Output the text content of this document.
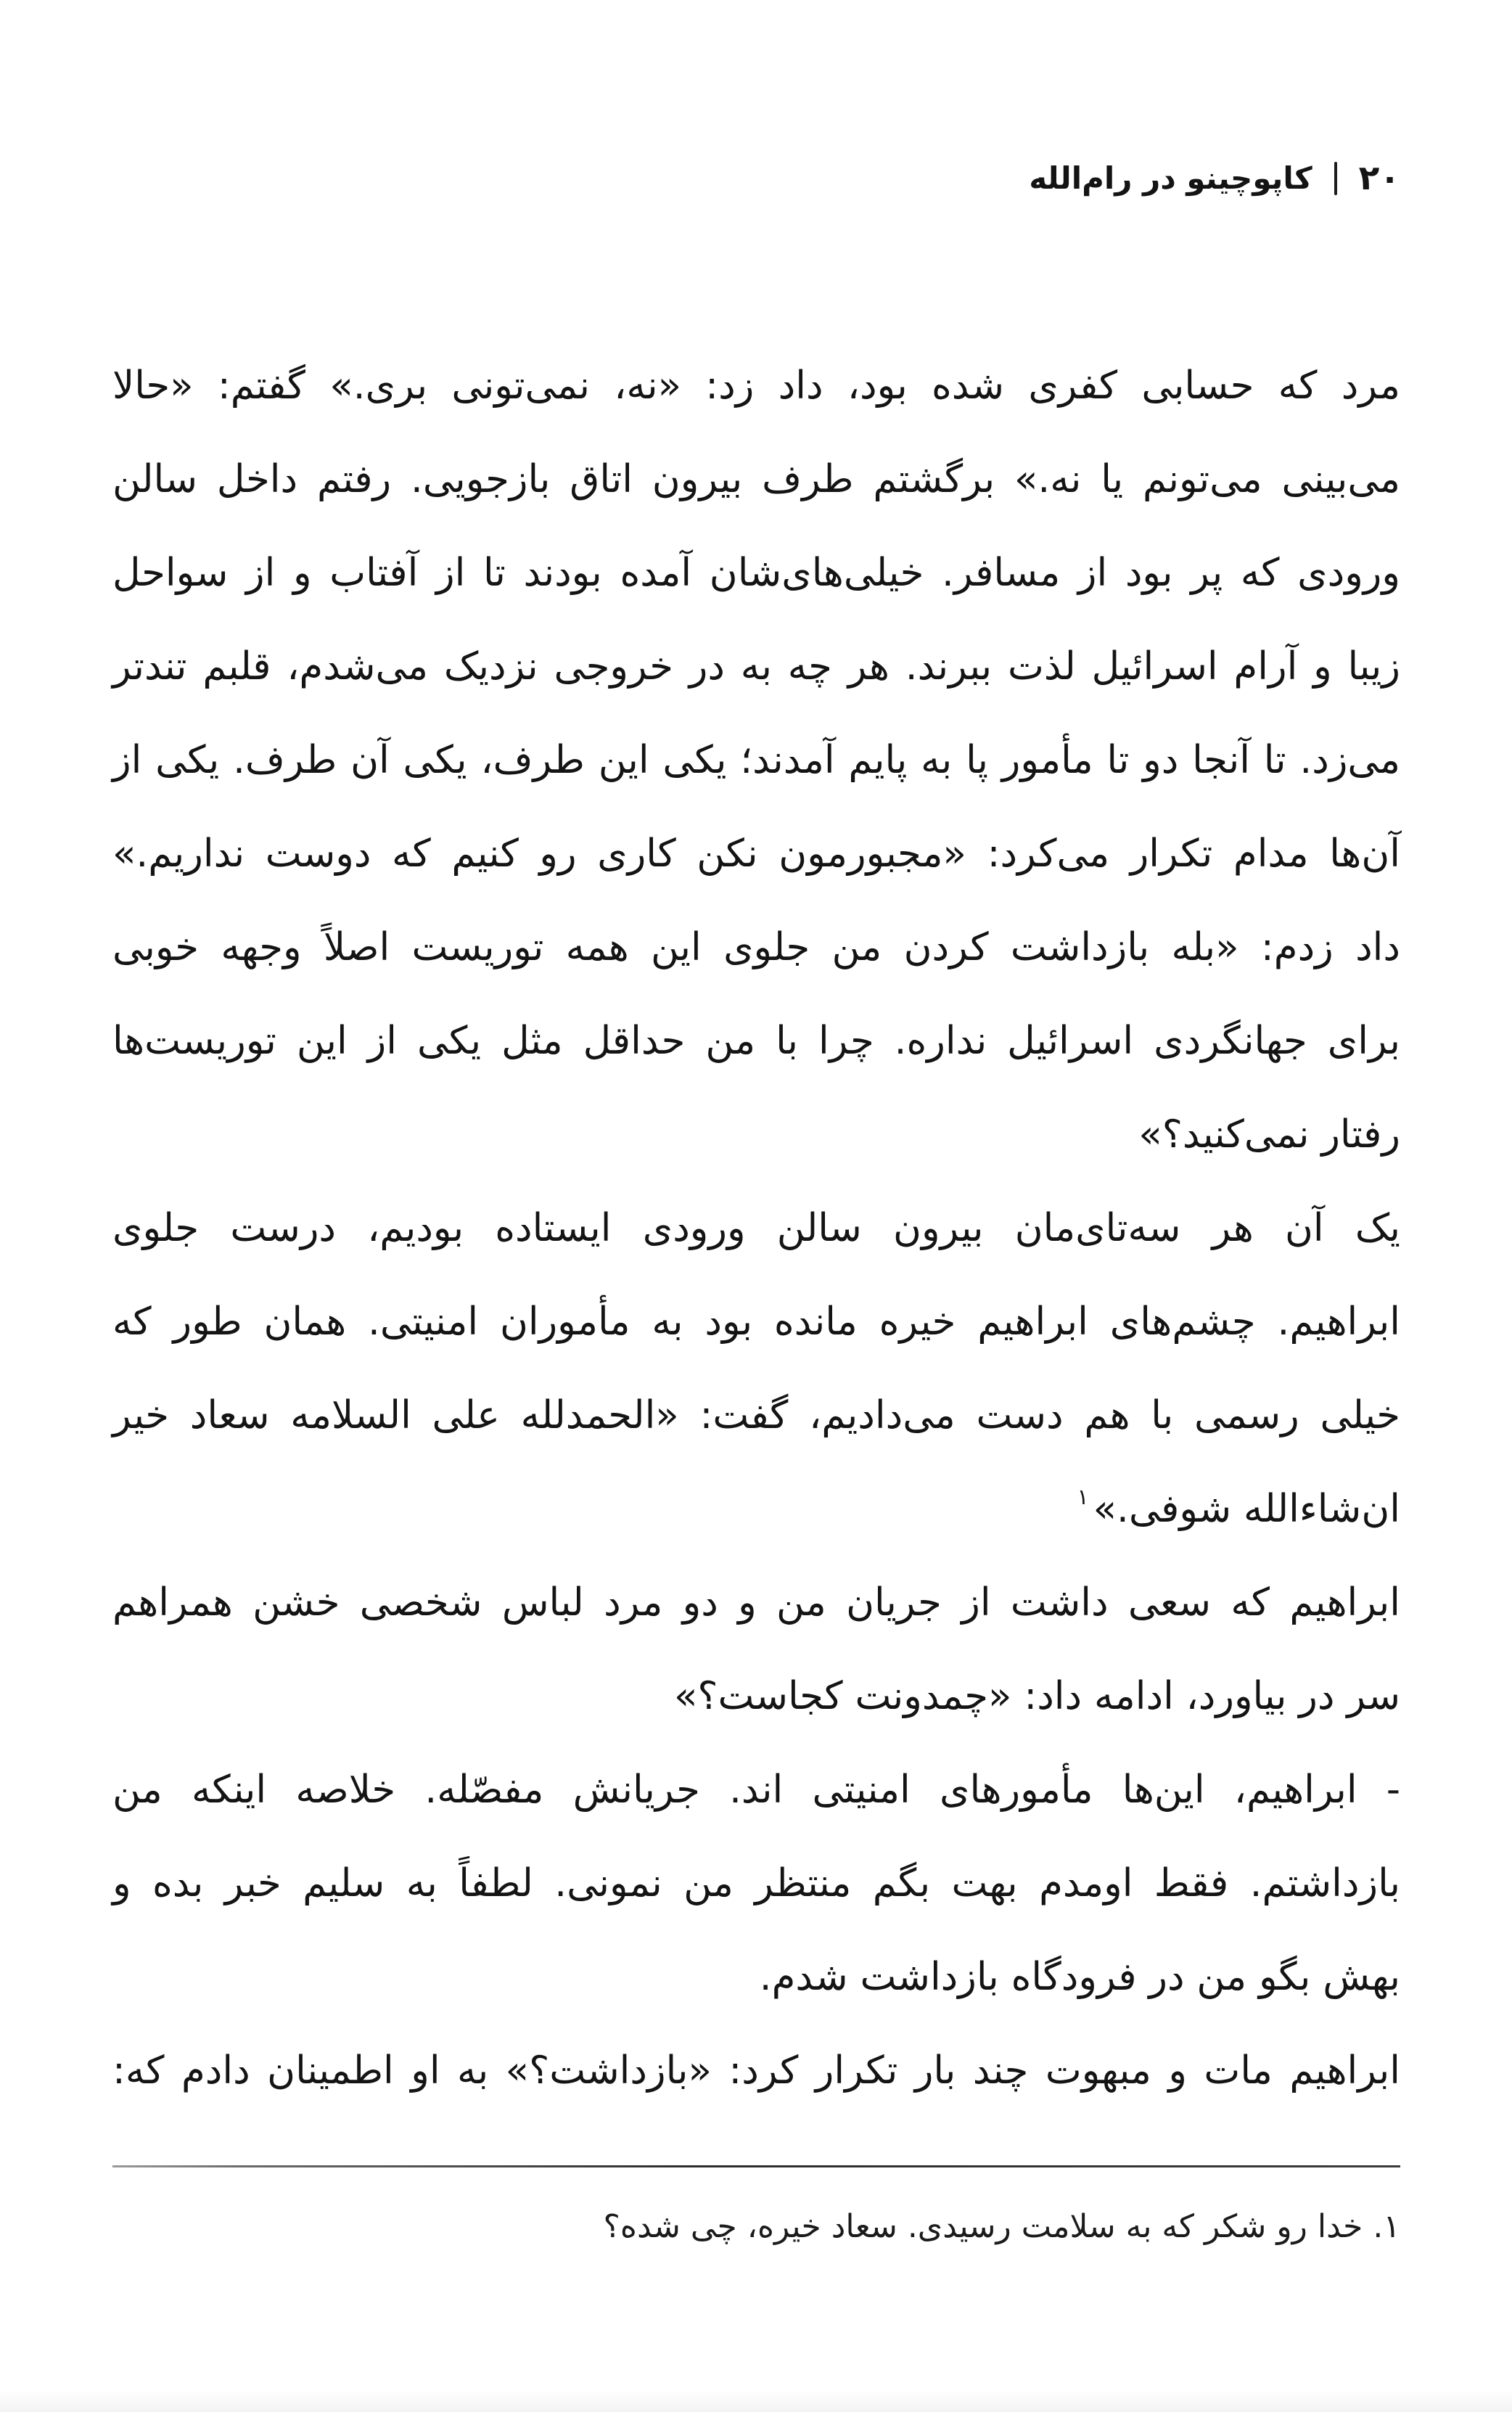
۲۰
کاپوچینو در رام‌الله
مرد که حسابی کفری شده بود، داد زد: «نه، نمی‌تونی بری.» گفتم: «حالا
می‌بینی می‌تونم یا نه.» برگشتم طرف بیرون اتاق بازجویی. رفتم داخل سالن
ورودی که پر بود از مسافر. خیلی‌های‌شان آمده بودند تا از آفتاب و از سواحل
زیبا و آرام اسرائیل لذت ببرند. هر چه به در خروجی نزدیک می‌شدم، قلبم تندتر
می‌زد. تا آنجا دو تا مأمور پا به پایم آمدند؛ یکی این طرف، یکی آن طرف. یکی از
آن‌ها مدام تکرار می‌کرد: «مجبورمون نکن کاری رو کنیم که دوست نداریم.»
داد زدم: «بله بازداشت کردن من جلوی این همه توریست اصلاً وجهه خوبی
برای جهانگردی اسرائیل نداره. چرا با من حداقل مثل یکی از این توریست‌ها
رفتار نمی‌کنید؟»
یک آن هر سه‌تای‌مان بیرون سالن ورودی ایستاده بودیم، درست جلوی
ابراهیم. چشم‌های ابراهیم خیره مانده بود به مأموران امنیتی. همان طور که
خیلی رسمی با هم دست می‌دادیم، گفت: «الحمدلله علی السلامه سعاد خیر
ان‌شاءالله شوفی.»$^۱$
ابراهیم که سعی داشت از جریان من و دو مرد لباس شخصی خشن همراهم
سر در بیاورد، ادامه داد: «چمدونت کجاست؟»
- ابراهیم، این‌ها مأمورهای امنیتی اند. جریانش مفصّله. خلاصه اینکه من
بازداشتم. فقط اومدم بهت بگم منتظر من نمونی. لطفاً به سلیم خبر بده و
بهش بگو من در فرودگاه بازداشت شدم.
ابراهیم مات و مبهوت چند بار تکرار کرد: «بازداشت؟» به او اطمینان دادم که:
۱. خدا رو شکر که به سلامت رسیدی. سعاد خیره، چی شده؟
